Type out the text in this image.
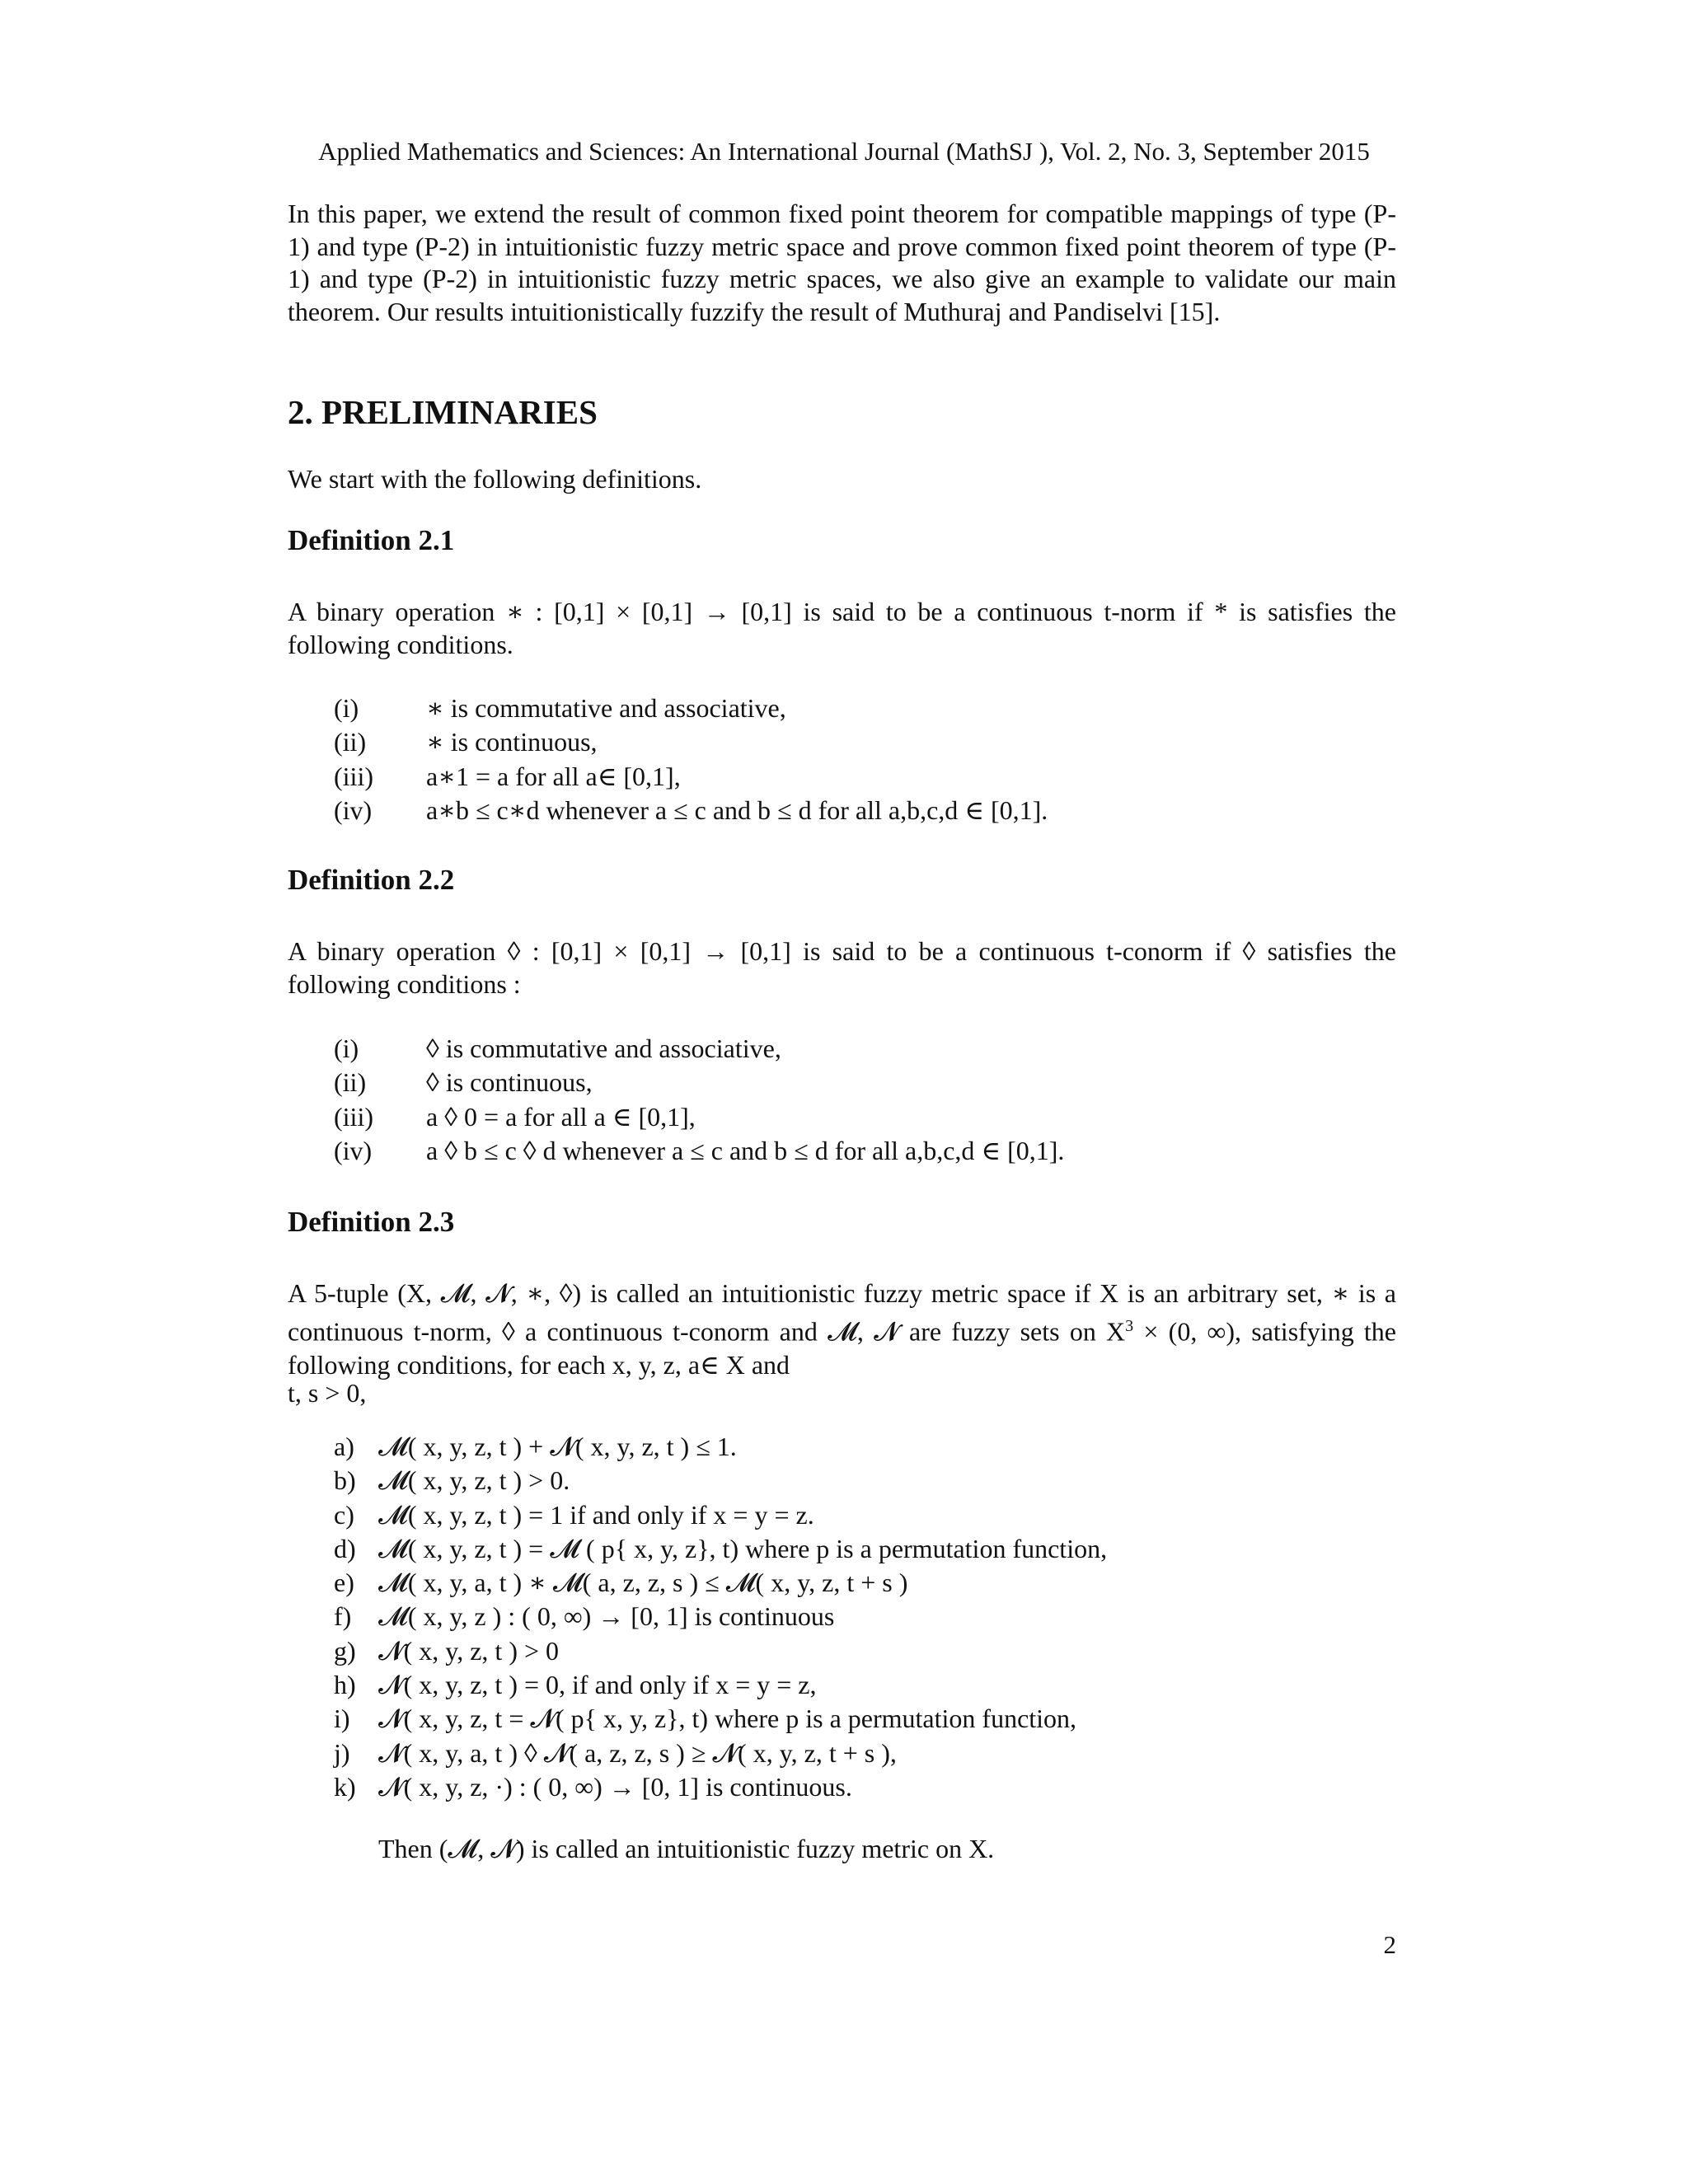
Applied Mathematics and Sciences: An International Journal (MathSJ ), Vol. 2, No. 3, September 2015

In this paper, we extend the result of common fixed point theorem for compatible mappings of type (P-1) and type (P-2) in intuitionistic fuzzy metric space and prove common fixed point theorem of type (P-1) and type (P-2) in intuitionistic fuzzy metric spaces, we also give an example to validate our main theorem. Our results intuitionistically fuzzify the result of Muthuraj and Pandiselvi [15].

2. PRELIMINARIES

We start with the following definitions.

Definition 2.1

A binary operation ∗ : [0,1] × [0,1] → [0,1] is said to be a continuous t-norm if * is satisfies the following conditions.

(i)	∗ is commutative and associative,
(ii) ∗ is continuous,
(iii) a∗1 = a for all a∈ [0,1],
(iv) a∗b ≤ c∗d whenever a ≤ c and b ≤ d for all a,b,c,d ∈ [0,1].
Definition 2.2

A binary operation ◊ : [0,1] × [0,1] → [0,1] is said to be a continuous t-conorm if ◊ satisfies the following conditions :

(i)	◊ is commutative and associative,
(ii) ◊ is continuous,
(iii) a ◊ 0 = a for all a ∈ [0,1],
(iv) a ◊ b ≤ c ◊ d whenever a ≤ c and b ≤ d for all a,b,c,d ∈ [0,1].
Definition 2.3

A 5-tuple (X, 𝓜, 𝓝, ∗, ◊) is called an intuitionistic fuzzy metric space if X is an arbitrary set, ∗ is a continuous t-norm, ◊ a continuous t-conorm and 𝓜, 𝓝 are fuzzy sets on $X^3 \times (0$, ∞), satisfying the following conditions, for each x, y, z, a∈ X and

t, s > 0,

a) 𝓜( x, y, z, t ) + 𝓝( x, y, z, t ) ≤ 1.
b) 𝓜( x, y, z, t ) > 0.
c) 𝓜( x, y, z, t ) = 1 if and only if x = y = z.
d) 𝓜( x, y, z, t ) = 𝓜 ( p{ x, y, z}, t) where p is a permutation function,
e) 𝓜( x, y, a, t ) ∗ 𝓜( a, z, z, s ) ≤ 𝓜( x, y, z, t + s )
f) 𝓜( x, y, z ) : ( 0, ∞) → [0, 1] is continuous
g) 𝓝( x, y, z, t ) > 0
h) 𝓝( x, y, z, t ) = 0, if and only if x = y = z,
i) 𝓝( x, y, z, t = 𝓝( p{ x, y, z}, t) where p is a permutation function,
j) 𝓝( x, y, a, t ) ◊ 𝓝( a, z, z, s ) ≥ 𝓝( x, y, z, t + s ),
k) 𝓝( x, y, z, ·) : ( 0, ∞) → [0, 1] is continuous.

Then (𝓜, 𝓝) is called an intuitionistic fuzzy metric on X.

2
